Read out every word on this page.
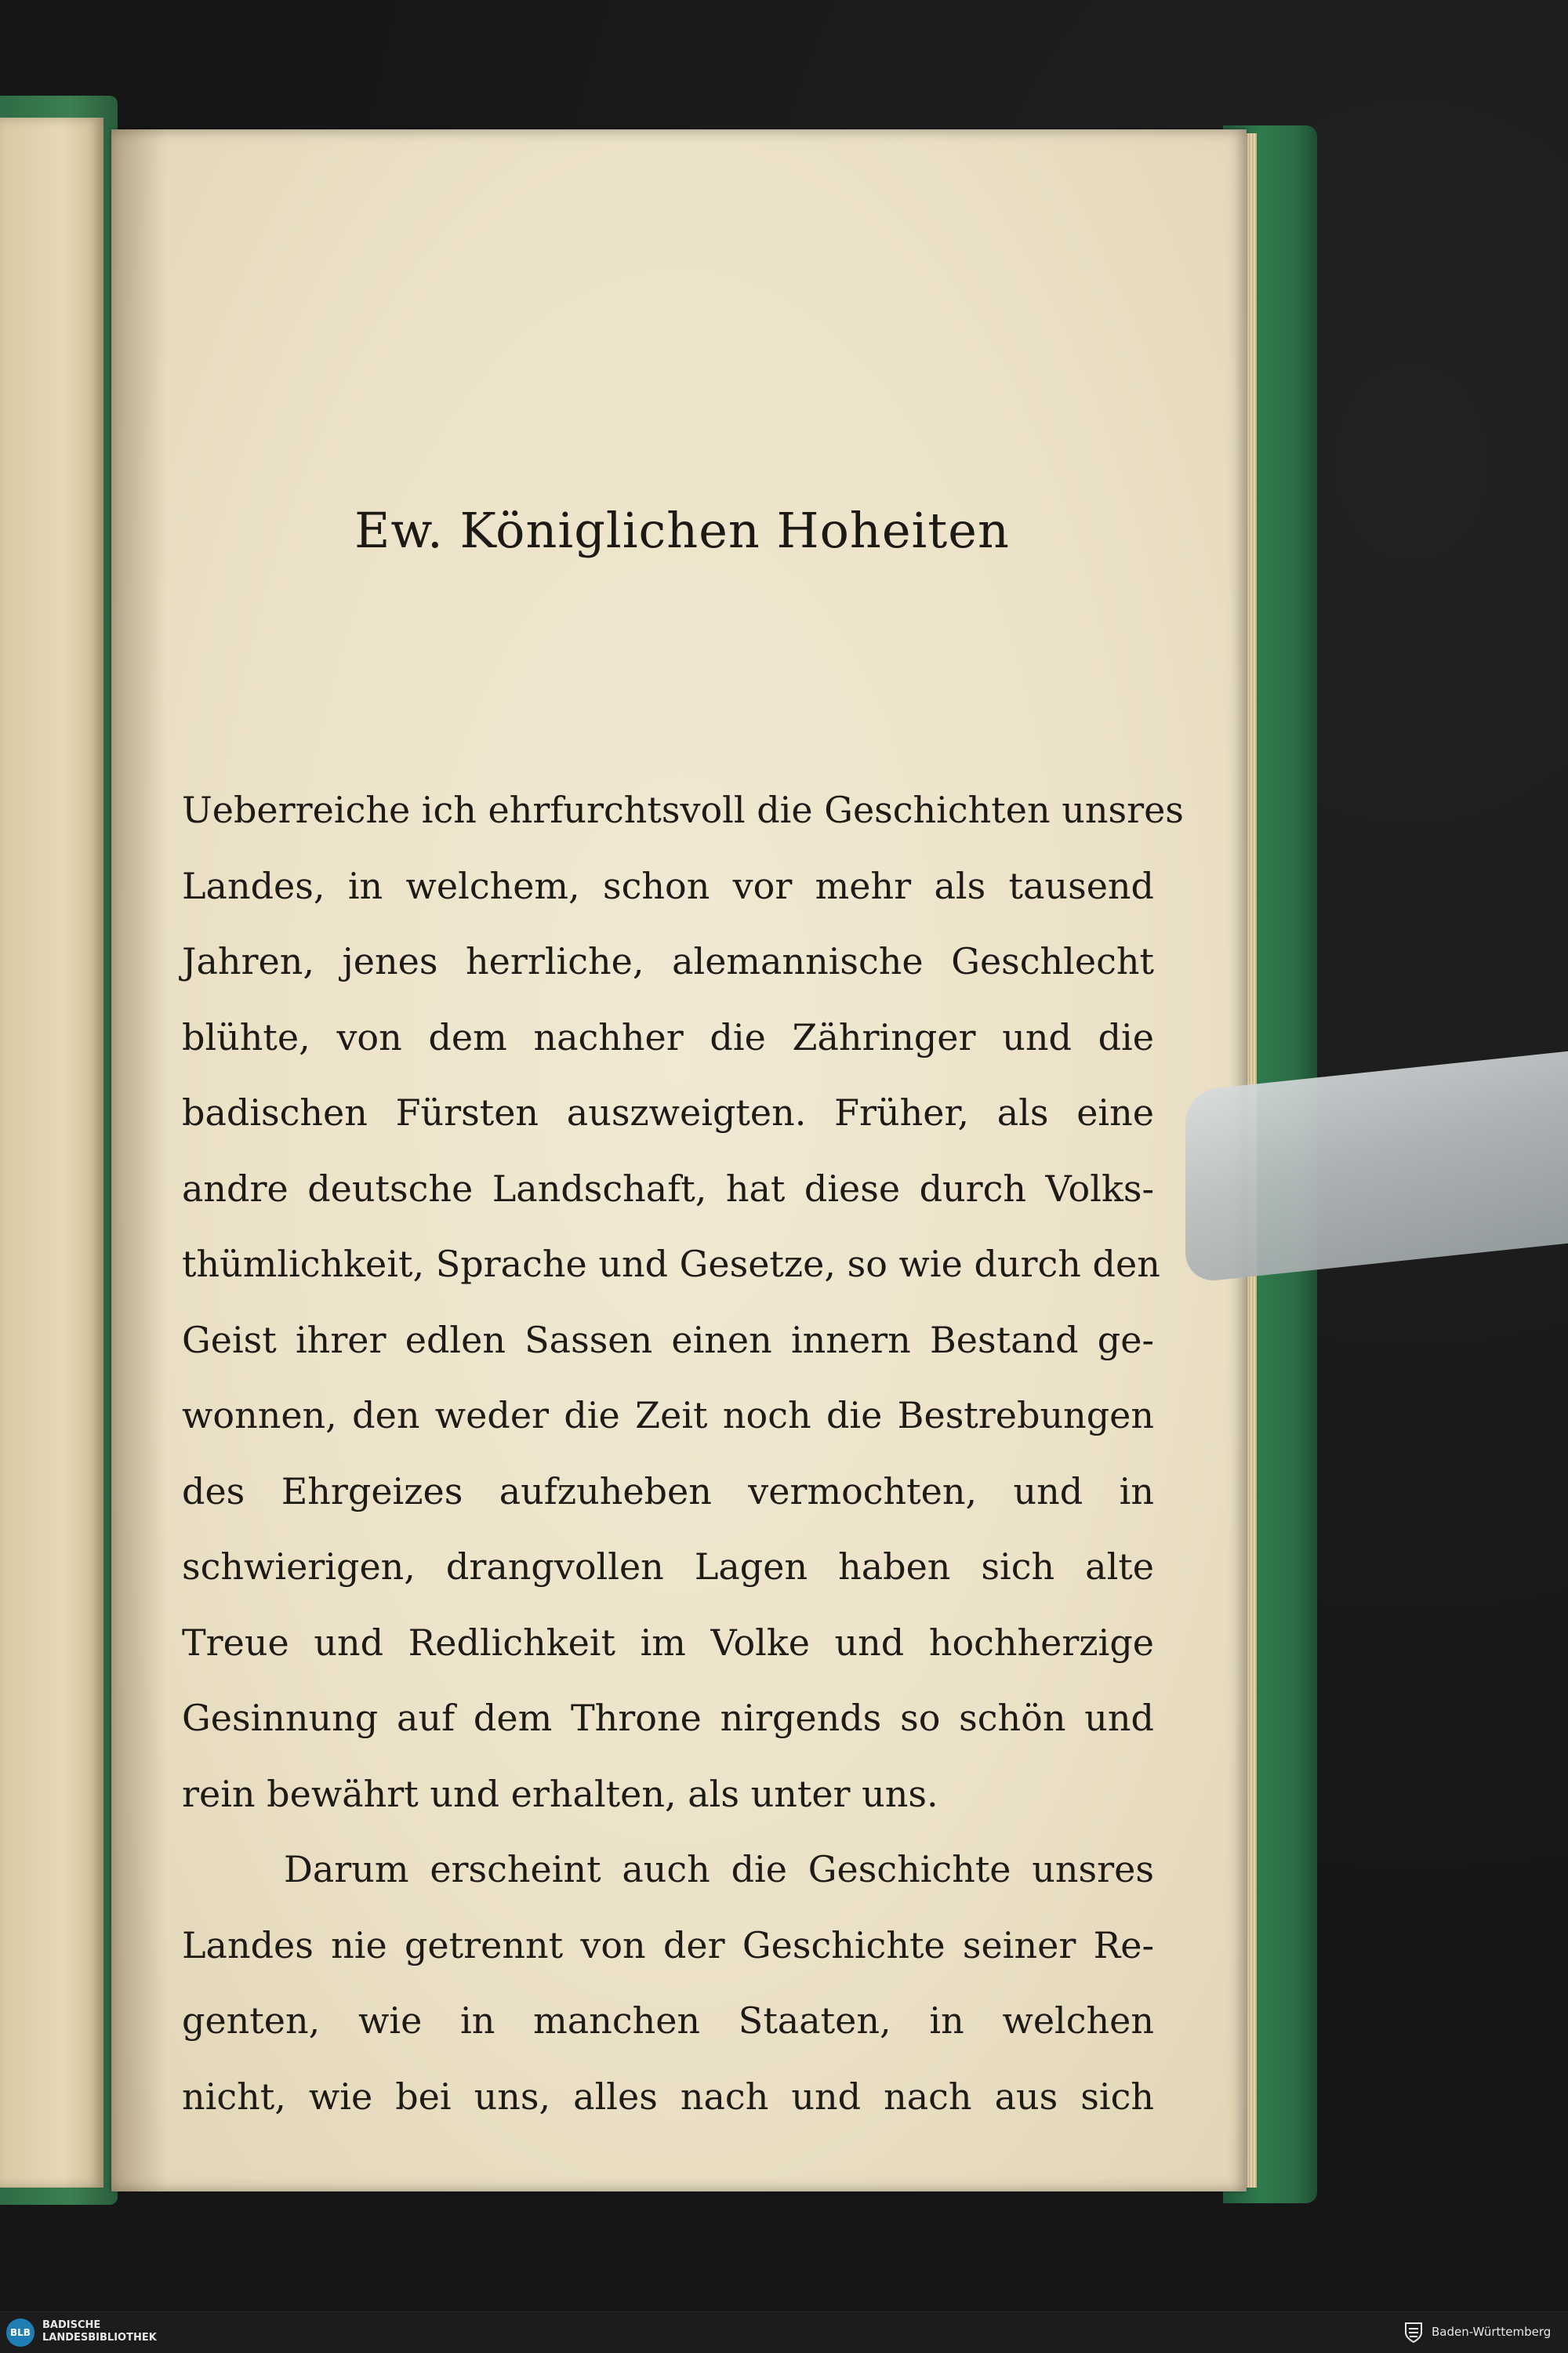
Ew. Königlichen Hoheiten
Ueberreiche ich ehrfurchtsvoll die Geschichten unsres
Landes, in welchem, schon vor mehr als tausend
Jahren, jenes herrliche, alemannische Geschlecht
blühte, von dem nachher die Zähringer und die
badischen Fürsten auszweigten. Früher, als eine
andre deutsche Landschaft, hat diese durch Volks-
thümlichkeit, Sprache und Gesetze, so wie durch den
Geist ihrer edlen Sassen einen innern Bestand ge-
wonnen, den weder die Zeit noch die Bestrebungen
des Ehrgeizes aufzuheben vermochten, und in
schwierigen, drangvollen Lagen haben sich alte
Treue und Redlichkeit im Volke und hochherzige
Gesinnung auf dem Throne nirgends so schön und
rein bewährt und erhalten, als unter uns.
Darum erscheint auch die Geschichte unsres
Landes nie getrennt von der Geschichte seiner Re-
genten, wie in manchen Staaten, in welchen
nicht, wie bei uns, alles nach und nach aus sich
BLB
BADISCHE
LANDESBIBLIOTHEK	Baden-Württemberg
